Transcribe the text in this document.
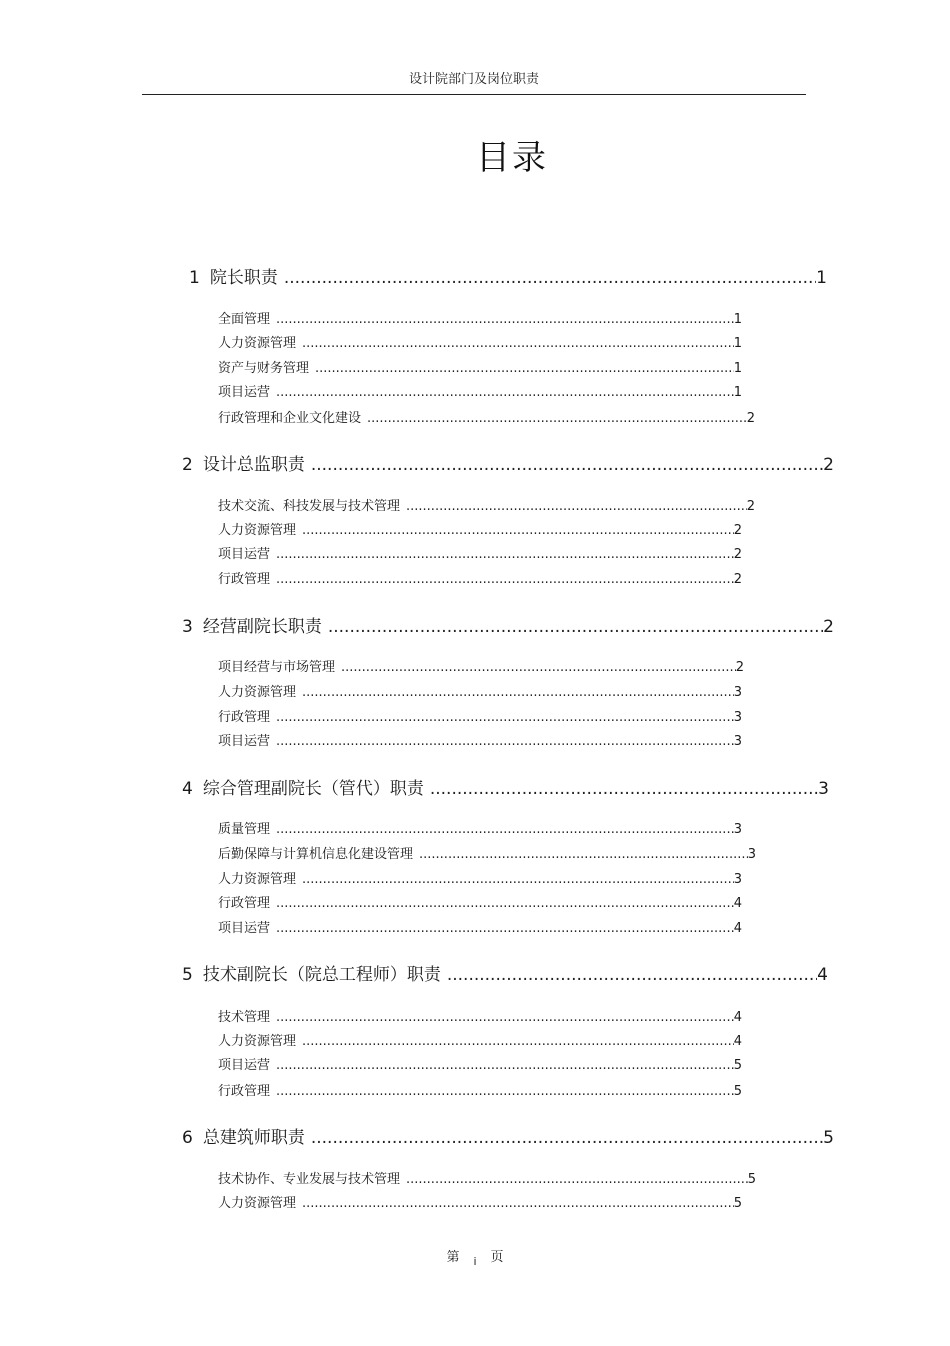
设计院部门及岗位职责
目录
1 院长职责 .....	1
全面管理 .....	1
人力资源管理 .....	1
资产与财务管理 .....	1
项目运营 .....	1
行政管理和企业文化建设 .....	2
2 设计总监职责 .....	2
技术交流、科技发展与技术管理 .....	2
人力资源管理 .....	2
项目运营 .....	2
行政管理 .....	2
3 经营副院长职责 .....	2
项目经营与市场管理 .....	2
人力资源管理 .....	3
行政管理 .....	3
项目运营 .....	3
4 综合管理副院长（管代）职责 .....	3
质量管理 .....	3
后勤保障与计算机信息化建设管理 .....	3
人力资源管理 .....	3
行政管理 .....	4
项目运营 .....	4
5 技术副院长（院总工程师）职责 .....	4
技术管理 .....	4
人力资源管理 .....	4
项目运营 .....	5
行政管理 .....	5
6 总建筑师职责 .....	5
技术协作、专业发展与技术管理 .....	5
人力资源管理 .....	5
第 i 页
